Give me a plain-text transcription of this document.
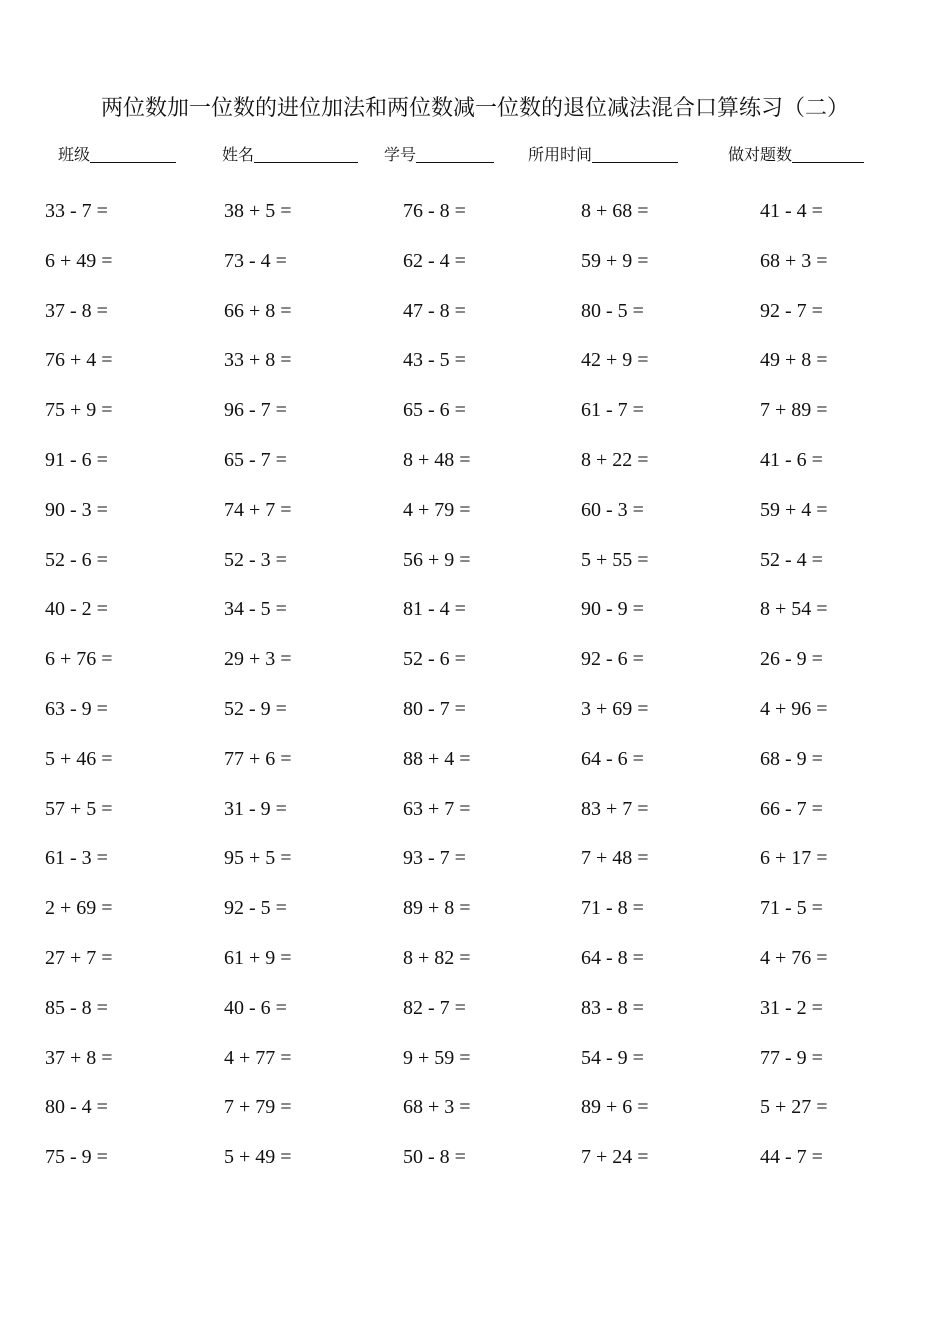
两位数加一位数的进位加法和两位数减一位数的退位减法混合口算练习（二）
班级	姓名	学号	所用时间	做对题数
33 - 7 =	38 + 5 =	76 - 8 =	8 + 68 =	41 - 4 =
6 + 49 =	73 - 4 =	62 - 4 =	59 + 9 =	68 + 3 =
37 - 8 =	66 + 8 =	47 - 8 =	80 - 5 =	92 - 7 =
76 + 4 =	33 + 8 =	43 - 5 =	42 + 9 =	49 + 8 =
75 + 9 =	96 - 7 =	65 - 6 =	61 - 7 =	7 + 89 =
91 - 6 =	65 - 7 =	8 + 48 =	8 + 22 =	41 - 6 =
90 - 3 =	74 + 7 =	4 + 79 =	60 - 3 =	59 + 4 =
52 - 6 =	52 - 3 =	56 + 9 =	5 + 55 =	52 - 4 =
40 - 2 =	34 - 5 =	81 - 4 =	90 - 9 =	8 + 54 =
6 + 76 =	29 + 3 =	52 - 6 =	92 - 6 =	26 - 9 =
63 - 9 =	52 - 9 =	80 - 7 =	3 + 69 =	4 + 96 =
5 + 46 =	77 + 6 =	88 + 4 =	64 - 6 =	68 - 9 =
57 + 5 =	31 - 9 =	63 + 7 =	83 + 7 =	66 - 7 =
61 - 3 =	95 + 5 =	93 - 7 =	7 + 48 =	6 + 17 =
2 + 69 =	92 - 5 =	89 + 8 =	71 - 8 =	71 - 5 =
27 + 7 =	61 + 9 =	8 + 82 =	64 - 8 =	4 + 76 =
85 - 8 =	40 - 6 =	82 - 7 =	83 - 8 =	31 - 2 =
37 + 8 =	4 + 77 =	9 + 59 =	54 - 9 =	77 - 9 =
80 - 4 =	7 + 79 =	68 + 3 =	89 + 6 =	5 + 27 =
75 - 9 =	5 + 49 =	50 - 8 =	7 + 24 =	44 - 7 =
